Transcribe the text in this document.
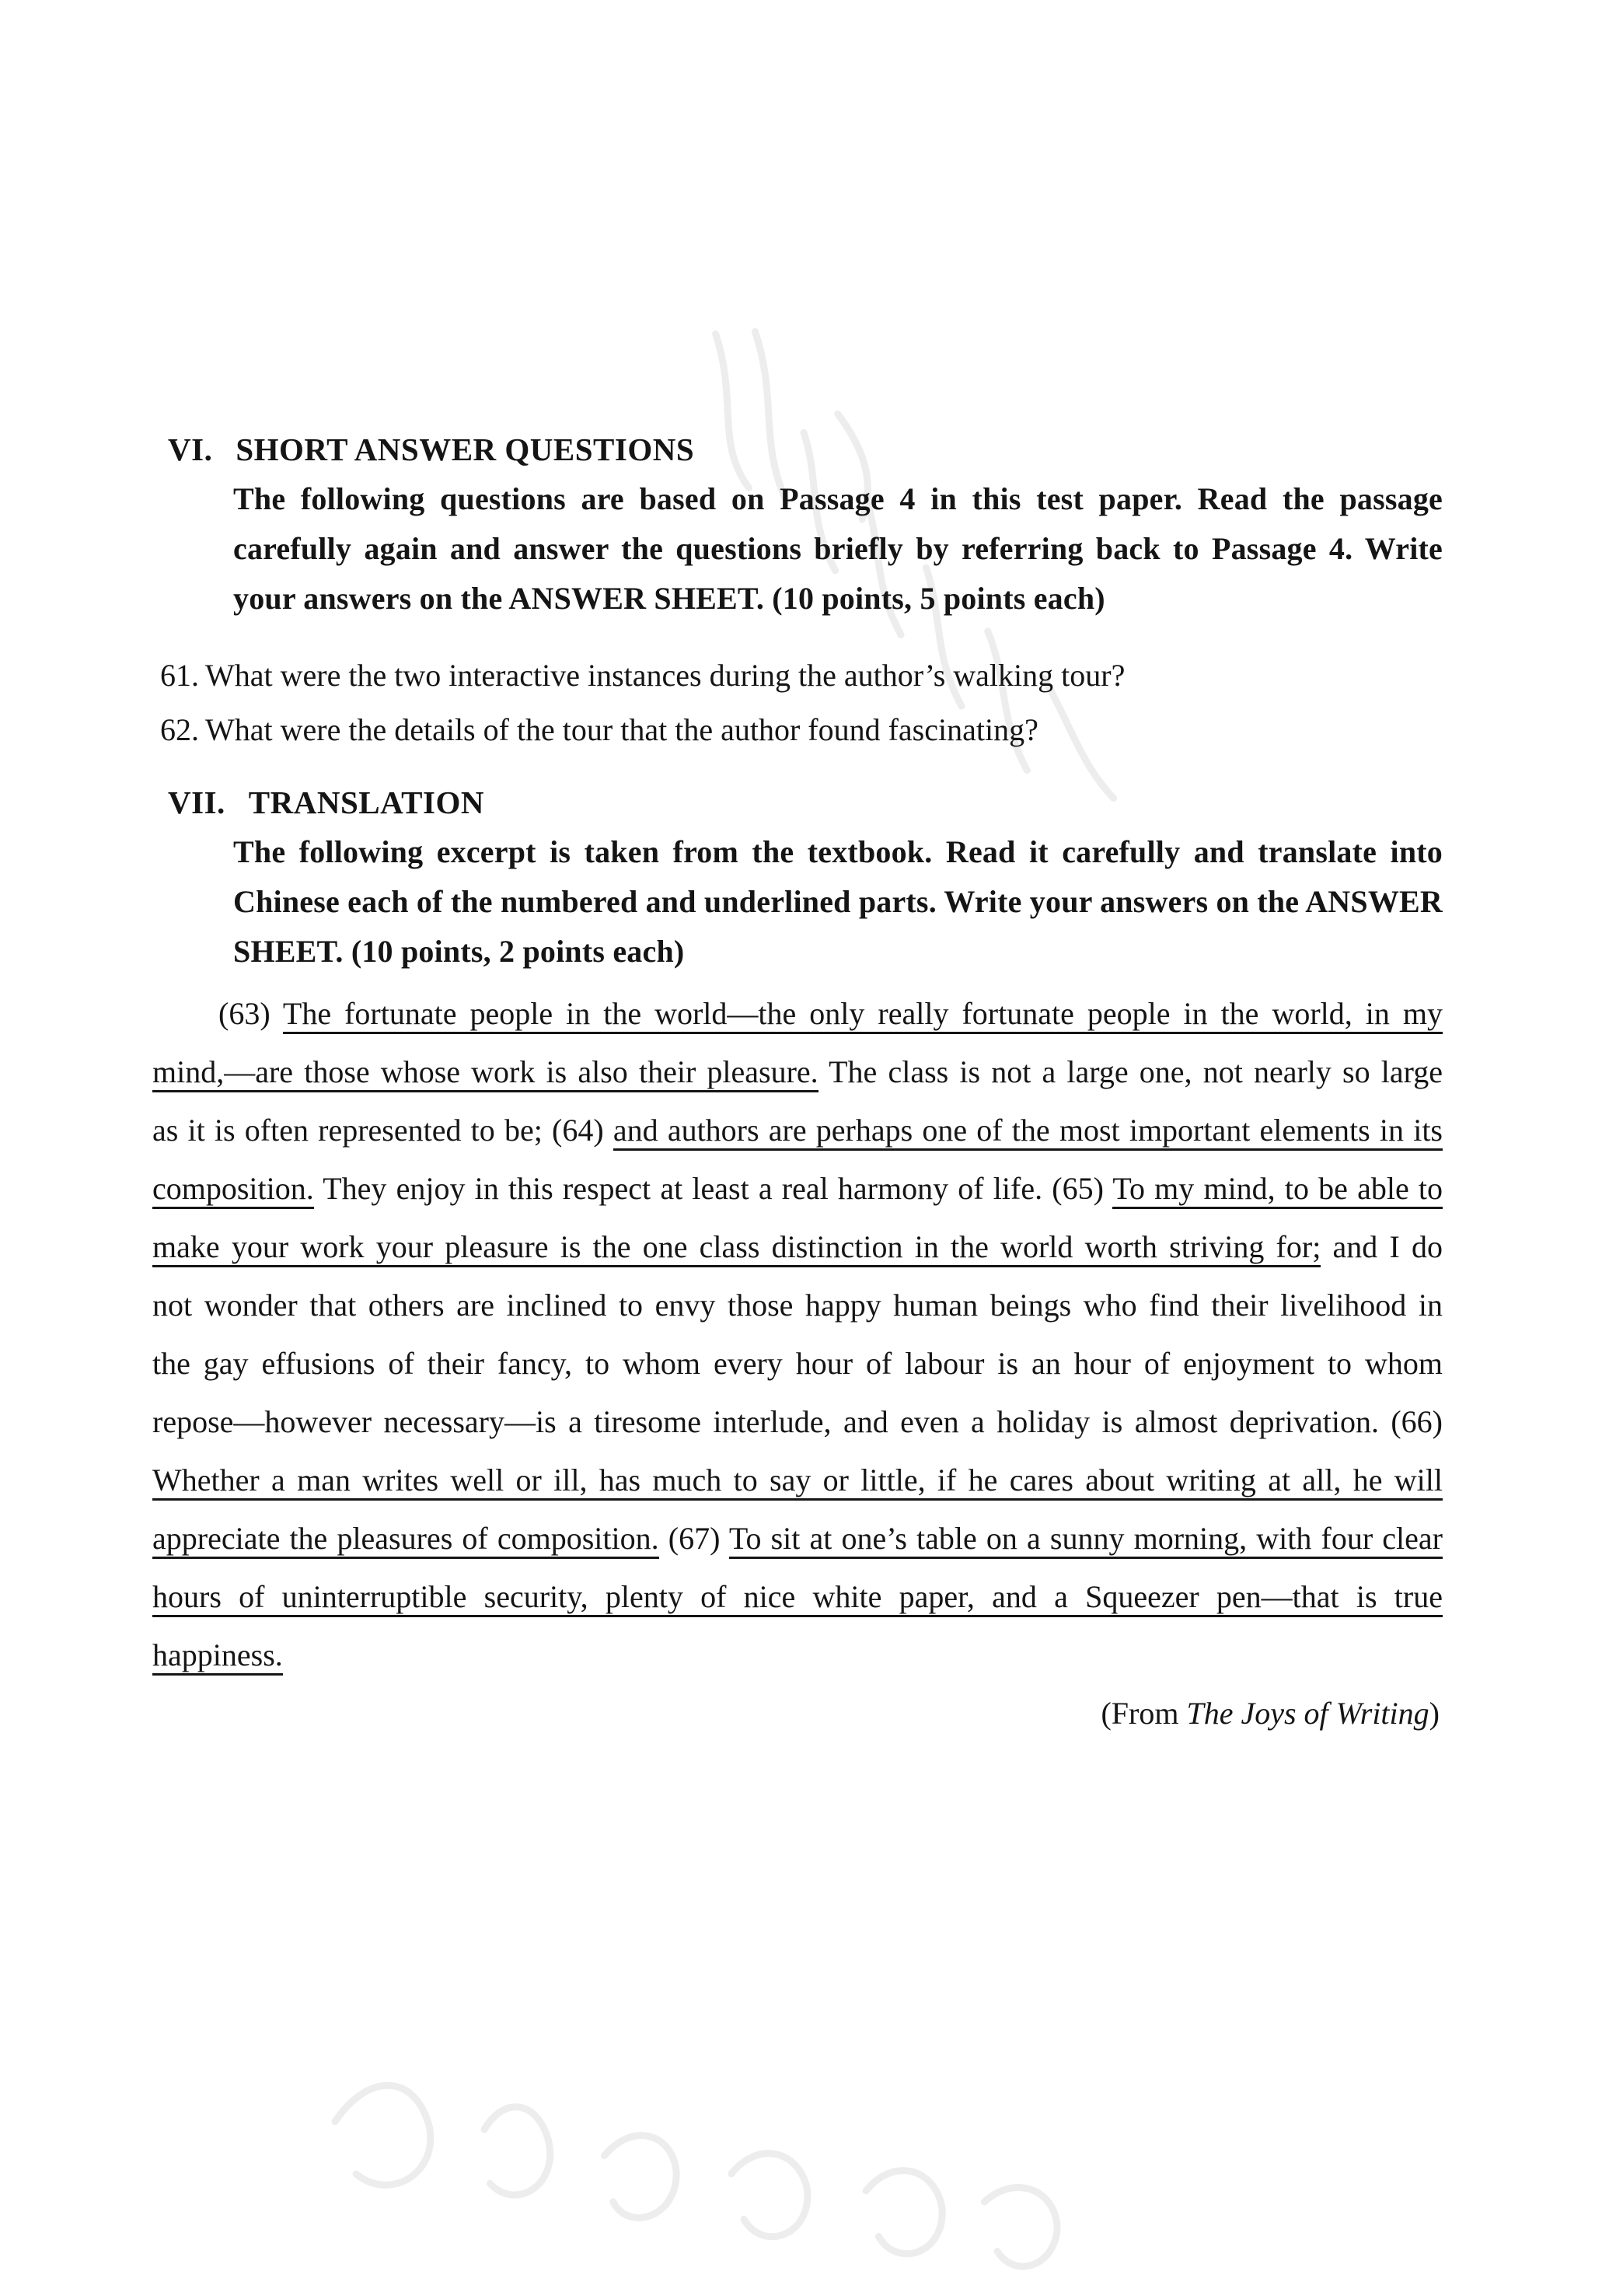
VI. SHORT ANSWER QUESTIONS

The following questions are based on Passage 4 in this test paper. Read the passage carefully again and answer the questions briefly by referring back to Passage 4. Write your answers on the ANSWER SHEET. (10 points, 5 points each)

61. What were the two interactive instances during the author’s walking tour?
62. What were the details of the tour that the author found fascinating?
VII. TRANSLATION

The following excerpt is taken from the textbook. Read it carefully and translate into Chinese each of the numbered and underlined parts. Write your answers on the ANSWER SHEET. (10 points, 2 points each)

(63) The fortunate people in the world—the only really fortunate people in the world, in my mind,—are those whose work is also their pleasure. The class is not a large one, not nearly so large as it is often represented to be; (64) and authors are perhaps one of the most important elements in its composition. They enjoy in this respect at least a real harmony of life. (65) To my mind, to be able to make your work your pleasure is the one class distinction in the world worth striving for; and I do not wonder that others are inclined to envy those happy human beings who find their livelihood in the gay effusions of their fancy, to whom every hour of labour is an hour of enjoyment to whom repose—however necessary—is a tiresome interlude, and even a holiday is almost deprivation. (66) Whether a man writes well or ill, has much to say or little, if he cares about writing at all, he will appreciate the pleasures of composition. (67) To sit at one’s table on a sunny morning, with four clear hours of uninterruptible security, plenty of nice white paper, and a Squeezer pen—that is true happiness.

(From The Joys of Writing)
